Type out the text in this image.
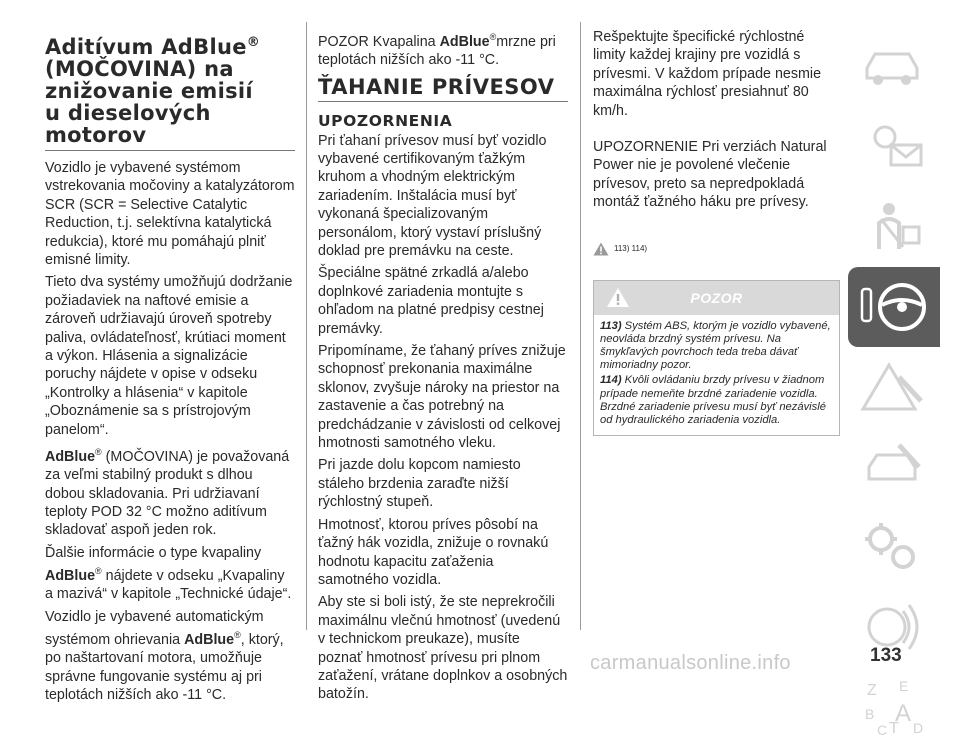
Aditívum AdBlue®
(MOČOVINA) na
znižovanie emisií
u dieselových
motorov

Vozidlo je vybavené systémom vstrekovania močoviny a katalyzátorom SCR (SCR = Selective Catalytic Reduction, t.j. selektívna katalytická redukcia), ktoré mu pomáhajú plniť emisné limity.

Tieto dva systémy umožňujú dodržanie požiadaviek na naftové emisie a zároveň udržiavajú úroveň spotreby paliva, ovládateľnosť, krútiaci moment a výkon. Hlásenia a signalizácie poruchy nájdete v opise v odseku „Kontrolky a hlásenia“ v kapitole „Oboznámenie sa s prístrojovým panelom“.

AdBlue® (MOČOVINA) je považovaná za veľmi stabilný produkt s dlhou dobou skladovania. Pri udržiavaní teploty POD 32 °C možno aditívum skladovať aspoň jeden rok.

Ďalšie informácie o type kvapaliny AdBlue® nájdete v odseku „Kvapaliny a mazivá“ v kapitole „Technické údaje“.

Vozidlo je vybavené automatickým systémom ohrievania AdBlue®, ktorý, po naštartovaní motora, umožňuje správne fungovanie systému aj pri teplotách nižších ako -11 °C.

POZOR Kvapalina AdBlue®mrzne pri teplotách nižších ako -11 °C.

ŤAHANIE PRÍVESOV
UPOZORNENIA

Pri ťahaní prívesov musí byť vozidlo vybavené certifikovaným ťažkým kruhom a vhodným elektrickým zariadením. Inštalácia musí byť vykonaná špecializovaným personálom, ktorý vystaví príslušný doklad pre premávku na ceste.

Špeciálne spätné zrkadlá a/alebo doplnkové zariadenia montujte s ohľadom na platné predpisy cestnej premávky.

Pripomíname, že ťahaný príves znižuje schopnosť prekonania maximálne sklonov, zvyšuje nároky na priestor na zastavenie a čas potrebný na predchádzanie v závislosti od celkovej hmotnosti samotného vleku.

Pri jazde dolu kopcom namiesto stáleho brzdenia zaraďte nižší rýchlostný stupeň.

Hmotnosť, ktorou príves pôsobí na ťažný hák vozidla, znižuje o rovnakú hodnotu kapacitu zaťaženia samotného vozidla.

Aby ste si boli istý, že ste neprekročili maximálnu vlečnú hmotnosť (uvedenú v technickom preukaze), musíte poznať hmotnosť prívesu pri plnom zaťažení, vrátane doplnkov a osobných batožín.

Rešpektujte špecifické rýchlostné limity každej krajiny pre vozidlá s prívesmi. V každom prípade nesmie maximálna rýchlosť presiahnuť 80 km/h.

UPOZORNENIE Pri verziách Natural Power nie je povolené vlečenie prívesov, preto sa nepredpokladá montáž ťažného háku pre prívesy.

113) 114)
POZOR

113) Systém ABS, ktorým je vozidlo vybavené, neovláda brzdný systém prívesu. Na šmykľavých povrchoch teda treba dávať mimoriadny pozor.

114) Kvôli ovládaniu brzdy prívesu v žiadnom prípade nemeňte brzdné zariadenie vozidla. Brzdné zariadenie prívesu musí byť nezávislé od hydraulického zariadenia vozidla.

Z E
B A
C T D
133
carmanualsonline.info
